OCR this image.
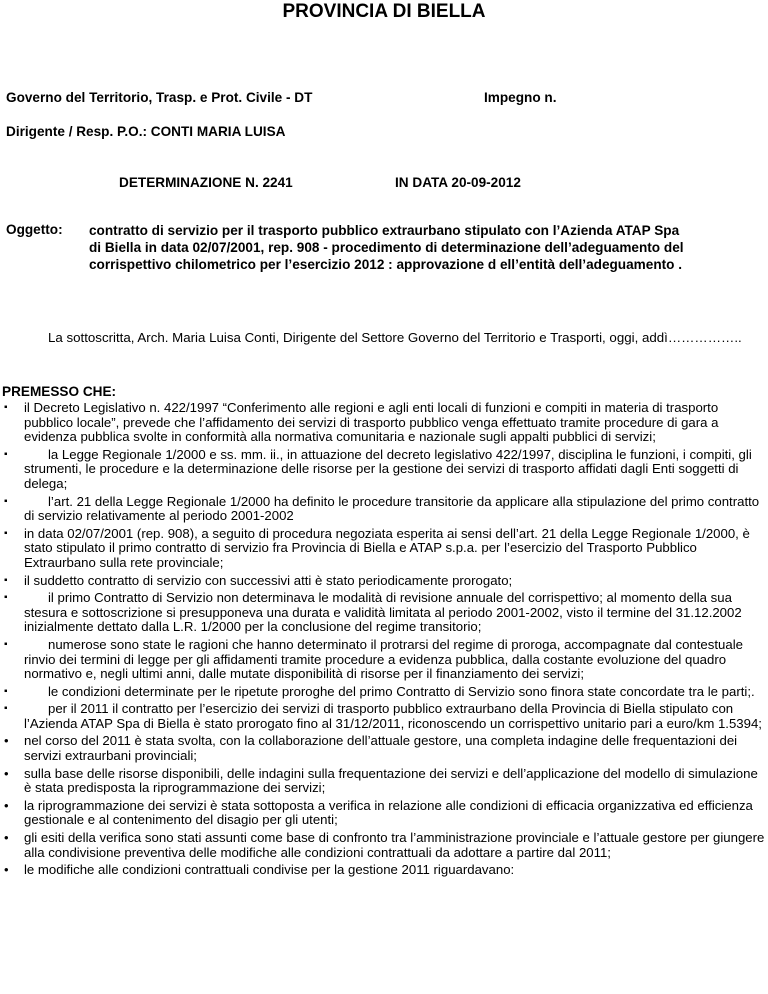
PROVINCIA DI BIELLA
Governo del Territorio, Trasp. e Prot. Civile - DT	Impegno n.
Dirigente / Resp. P.O.: CONTI MARIA LUISA
DETERMINAZIONE N. 2241	IN DATA 20-09-2012
Oggetto: contratto di servizio per il trasporto pubblico extraurbano stipulato con l’Azienda ATAP Spa di Biella in data 02/07/2001, rep. 908 - procedimento di determinazione dell’adeguamento del corrispettivo chilometrico per l’esercizio 2012 : approvazione d ell’entità dell’adeguamento .
La sottoscritta, Arch. Maria Luisa Conti, Dirigente del Settore Governo del Territorio e Trasporti, oggi, addì……………..
PREMESSO CHE:
▪ il Decreto Legislativo n. 422/1997 “Conferimento alle regioni e agli enti locali di funzioni e compiti in materia di trasporto pubblico locale”, prevede che l’affidamento dei servizi di trasporto pubblico venga effettuato tramite procedure di gara a evidenza pubblica svolte in conformità alla normativa comunitaria e nazionale sugli appalti pubblici di servizi;
▪	la Legge Regionale 1/2000 e ss. mm. ii., in attuazione del decreto legislativo 422/1997, disciplina le funzioni, i compiti, gli strumenti, le procedure e la determinazione delle risorse per la gestione dei servizi di trasporto affidati dagli Enti soggetti di delega;
▪	l’art. 21 della Legge Regionale 1/2000 ha definito le procedure transitorie da applicare alla stipulazione del primo contratto di servizio relativamente al periodo 2001-2002
▪ in data 02/07/2001 (rep. 908), a seguito di procedura negoziata esperita ai sensi dell’art. 21 della Legge Regionale 1/2000, è stato stipulato il primo contratto di servizio fra Provincia di Biella e ATAP s.p.a. per l’esercizio del Trasporto Pubblico Extraurbano sulla rete provinciale;
▪ il suddetto contratto di servizio con successivi atti è stato periodicamente prorogato;
▪	il primo Contratto di Servizio non determinava le modalità di revisione annuale del corrispettivo; al momento della sua stesura e sottoscrizione si presupponeva una durata e validità limitata al periodo 2001-2002, visto il termine del 31.12.2002 inizialmente dettato dalla L.R. 1/2000 per la conclusione del regime transitorio;
▪	numerose sono state le ragioni che hanno determinato il protrarsi del regime di proroga, accompagnate dal contestuale rinvio dei termini di legge per gli affidamenti tramite procedure a evidenza pubblica, dalla costante evoluzione del quadro normativo e, negli ultimi anni, dalle mutate disponibilità di risorse per il finanziamento dei servizi;
▪	le condizioni determinate per le ripetute proroghe del primo Contratto di Servizio sono finora state concordate tra le parti;.
▪	per il 2011 il contratto per l’esercizio dei servizi di trasporto pubblico extraurbano della Provincia di Biella stipulato con l’Azienda ATAP Spa di Biella è stato prorogato fino al 31/12/2011, riconoscendo un corrispettivo unitario pari a euro/km 1.5394;
• nel corso del 2011 è stata svolta, con la collaborazione dell’attuale gestore, una completa indagine delle frequentazioni dei servizi extraurbani provinciali;
• sulla base delle risorse disponibili, delle indagini sulla frequentazione dei servizi e dell’applicazione del modello di simulazione è stata predisposta la riprogrammazione dei servizi;
• la riprogrammazione dei servizi è stata sottoposta a verifica in relazione alle condizioni di efficacia organizzativa ed efficienza gestionale e al contenimento del disagio per gli utenti;
• gli esiti della verifica sono stati assunti come base di confronto tra l’amministrazione provinciale e l’attuale gestore per giungere alla condivisione preventiva delle modifiche alle condizioni contrattuali da adottare a partire dal 2011;
• le modifiche alle condizioni contrattuali condivise per la gestione 2011 riguardavano:
